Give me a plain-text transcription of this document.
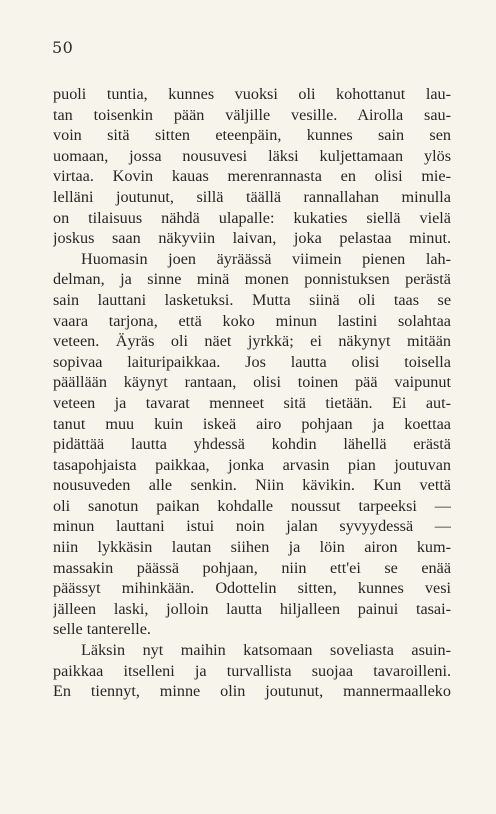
50
puoli tuntia, kunnes vuoksi oli kohottanut lau-
tan toisenkin pään väljille vesille. Airolla sau-
voin sitä sitten eteenpäin, kunnes sain sen
uomaan, jossa nousuvesi läksi kuljettamaan ylös
virtaa. Kovin kauas merenrannasta en olisi mie-
lelläni joutunut, sillä täällä rannallahan minulla
on tilaisuus nähdä ulapalle: kukaties siellä vielä
joskus saan näkyviin laivan, joka pelastaa minut.
Huomasin joen äyräässä viimein pienen lah-
delman, ja sinne minä monen ponnistuksen perästä
sain lauttani lasketuksi. Mutta siinä oli taas se
vaara tarjona, että koko minun lastini solahtaa
veteen. Äyräs oli näet jyrkkä; ei näkynyt mitään
sopivaa laituripaikkaa. Jos lautta olisi toisella
päällään käynyt rantaan, olisi toinen pää vaipunut
veteen ja tavarat menneet sitä tietään. Ei aut-
tanut muu kuin iskeä airo pohjaan ja koettaa
pidättää lautta yhdessä kohdin lähellä erästä
tasapohjaista paikkaa, jonka arvasin pian joutuvan
nousuveden alle senkin. Niin kävikin. Kun vettä
oli sanotun paikan kohdalle noussut tarpeeksi —
minun lauttani istui noin jalan syvyydessä —
niin lykkäsin lautan siihen ja löin airon kum-
massakin päässä pohjaan, niin ett'ei se enää
päässyt mihinkään. Odottelin sitten, kunnes vesi
jälleen laski, jolloin lautta hiljalleen painui tasai-
selle tanterelle.
Läksin nyt maihin katsomaan soveliasta asuin-
paikkaa itselleni ja turvallista suojaa tavaroilleni.
En tiennyt, minne olin joutunut, mannermaalleko
